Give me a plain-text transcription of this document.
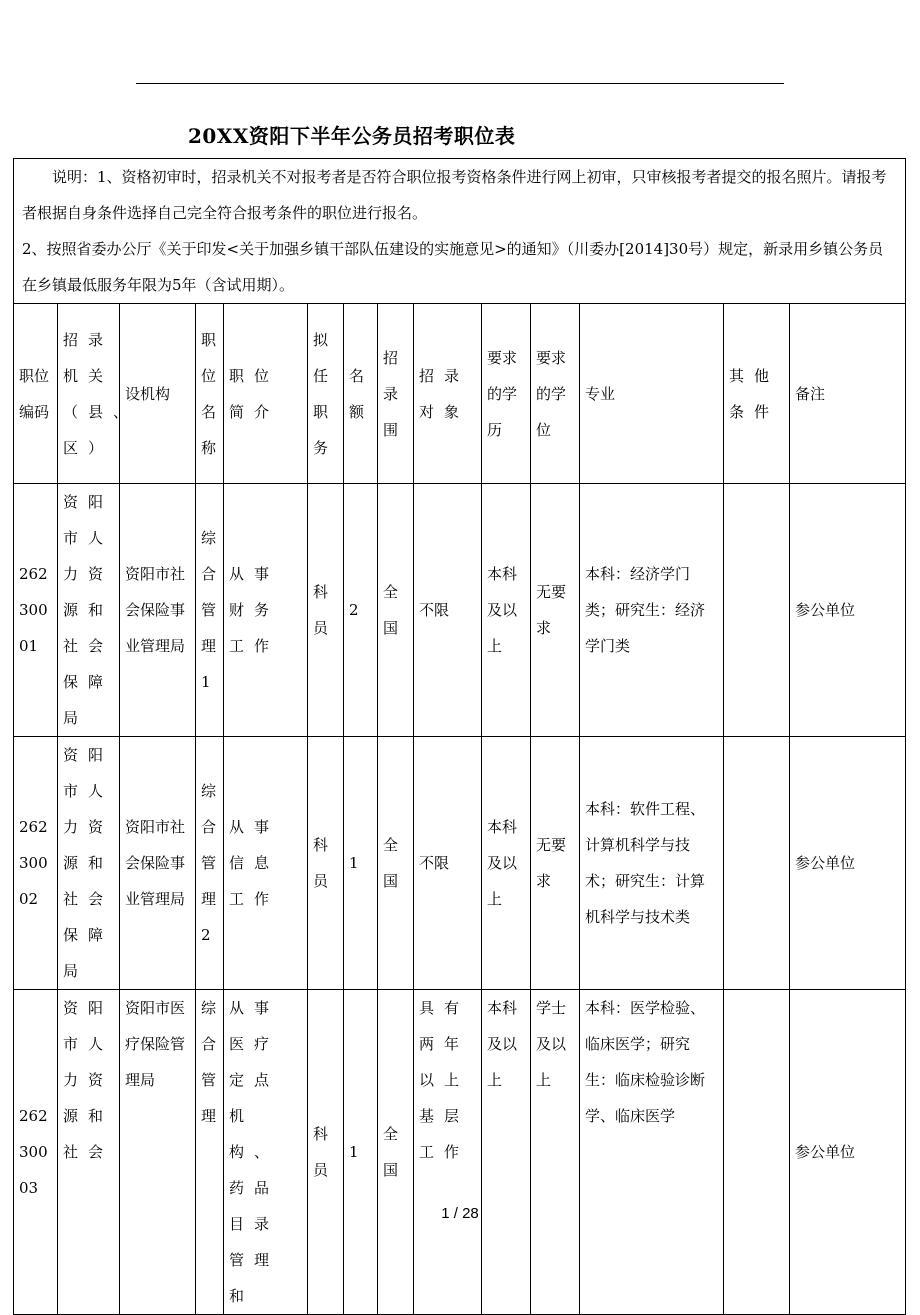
20XX资阳下半年公务员招考职位表

说明：1、资格初审时，招录机关不对报考者是否符合职位报考资格条件进行网上初审，只审核报考者提交的报名照片。请报考者根据自身条件选择自己完全符合报考条件的职位进行报名。

2、按照省委办公厅《关于印发<关于加强乡镇干部队伍建设的实施意见>的通知》（川委办[2014]30号）规定，新录用乡镇公务员在乡镇最低服务年限为5年（含试用期）。													

职位编码	招录机关（县、区）	设机构	职位名称	职位简介	拟任职务	名额	招录围	招录对象	要求的学历	要求的学位	专业	其他条件	备注
26230001	资阳市人力资源和社会保障局	资阳市社会保险事业管理局	综合管理1	从事财务工作	科员	2	全国	不限	本科及以上	无要求	本科：经济学门类；研究生：经济学门类		参公单位
26230002	资阳市人力资源和社会保障局	资阳市社会保险事业管理局	综合管理2	从事信息工作	科员	1	全国	不限	本科及以上	无要求	本科：软件工程、计算机科学与技术；研究生：计算机科学与技术类		参公单位
26230003	资阳市人力资源和社会	资阳市医疗保险管理局	综合管理	从事医疗定点机构、药品目录管理和	科员	1	全国	具有两年以上基层工作	本科及以上	学士及以上	本科：医学检验、临床医学；研究生：临床检验诊断学、临床医学		参公单位
1 / 28
